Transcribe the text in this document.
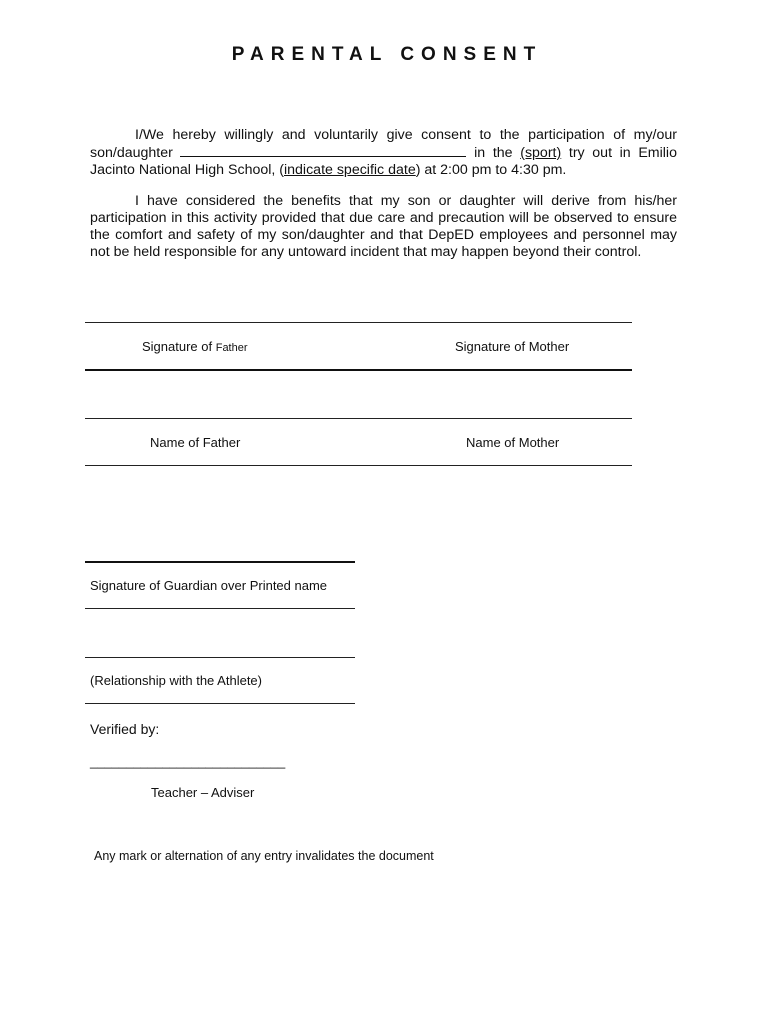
PARENTAL CONSENT
I/We hereby willingly and voluntarily give consent to the participation of my/our son/daughter	in the (sport) try out in Emilio Jacinto National High School, (indicate specific date) at 2:00 pm to 4:30 pm.
I have considered the benefits that my son or daughter will derive from his/her participation in this activity provided that due care and precaution will be observed to ensure the comfort and safety of my son/daughter and that DepED employees and personnel may not be held responsible for any untoward incident that may happen beyond their control.
Signature of Father	Signature of Mother
Name of Father	Name of Mother
Signature of Guardian over Printed name
(Relationship with the Athlete)
Verified by:
___________________________
Teacher – Adviser
Any mark or alternation of any entry invalidates the document
